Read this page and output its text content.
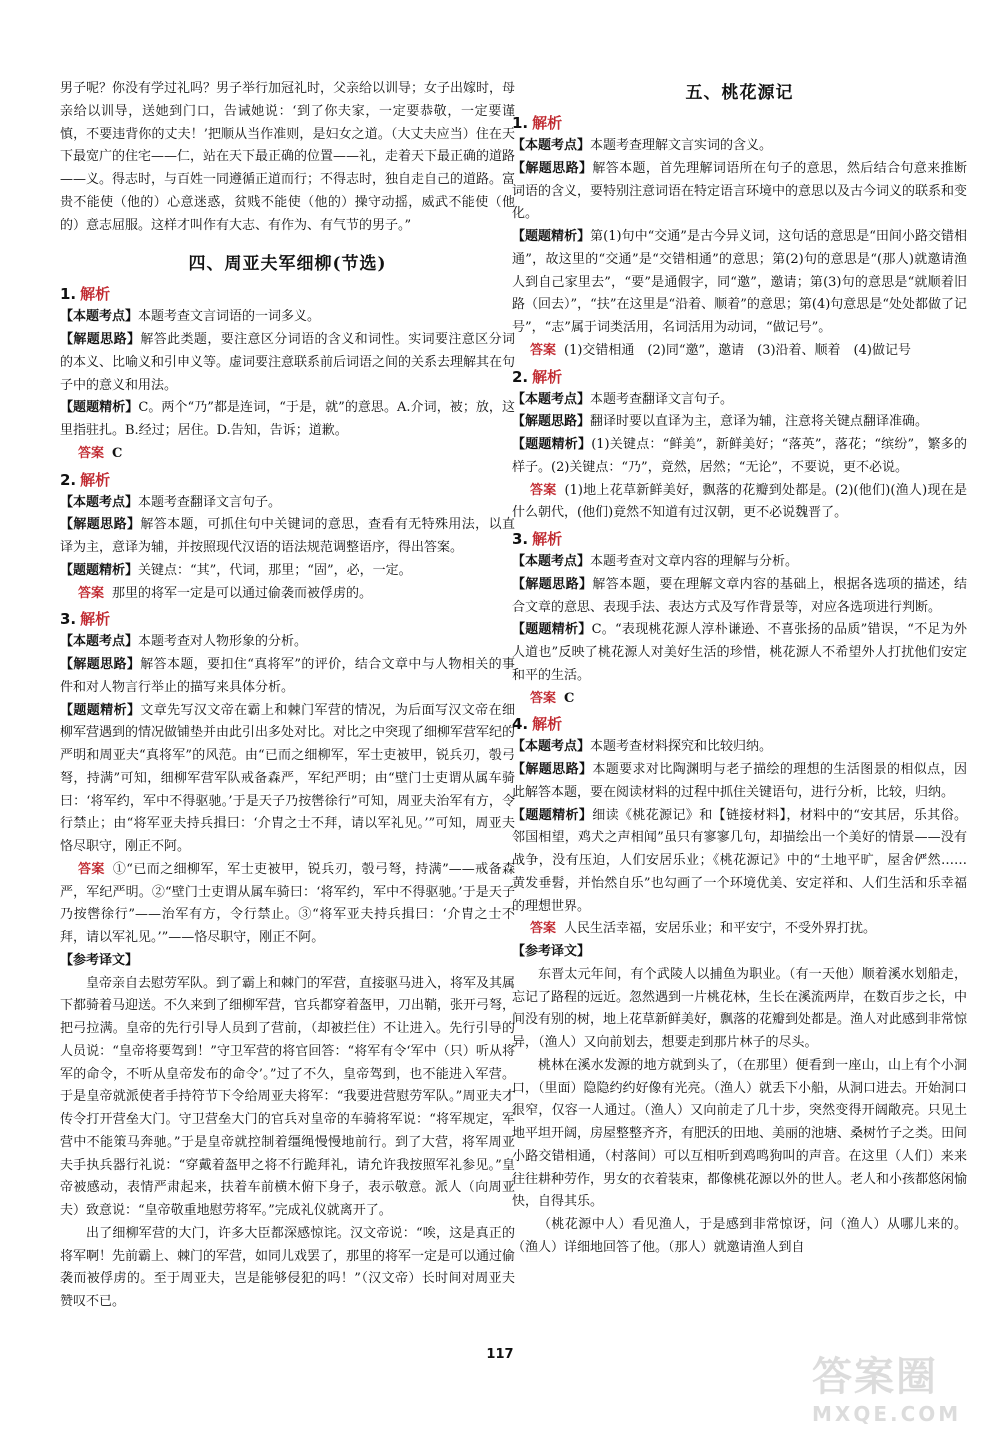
男子呢？你没有学过礼吗？男子举行加冠礼时，父亲给以训导；女子出嫁时，母亲给以训导，送她到门口，告诫她说：‘到了你夫家，一定要恭敬，一定要谨慎，不要违背你的丈夫！’把顺从当作准则，是妇女之道。（大丈夫应当）住在天下最宽广的住宅——仁，站在天下最正确的位置——礼，走着天下最正确的道路——义。得志时，与百姓一同遵循正道而行；不得志时，独自走自己的道路。富贵不能使（他的）心意迷惑，贫贱不能使（他的）操守动摇，威武不能使（他的）意志屈服。这样才叫作有大志、有作为、有气节的男子。”

四、周亚夫军细柳(节选)
1. 解析

【本题考点】本题考查文言词语的一词多义。

【解题思路】解答此类题，要注意区分词语的含义和词性。实词要注意区分词的本义、比喻义和引申义等。虚词要注意联系前后词语之间的关系去理解其在句子中的意义和用法。

【题题精析】C。两个“乃”都是连词，“于是，就”的意思。A.介词，被；放，这里指驻扎。B.经过；居住。D.告知，告诉；道歉。

答案 C

2. 解析

【本题考点】本题考查翻译文言句子。

【解题思路】解答本题，可抓住句中关键词的意思，查看有无特殊用法，以直译为主，意译为辅，并按照现代汉语的语法规范调整语序，得出答案。

【题题精析】关键点：“其”，代词，那里；“固”，必，一定。

答案 那里的将军一定是可以通过偷袭而被俘虏的。

3. 解析

【本题考点】本题考查对人物形象的分析。

【解题思路】解答本题，要扣住“真将军”的评价，结合文章中与人物相关的事件和对人物言行举止的描写来具体分析。

【题题精析】文章先写汉文帝在霸上和棘门军营的情况，为后面写汉文帝在细柳军营遇到的情况做铺垫并由此引出多处对比。对比之中突现了细柳军营军纪的严明和周亚夫“真将军”的风范。由“已而之细柳军，军士吏被甲，锐兵刃，彀弓弩，持满”可知，细柳军营军队戒备森严，军纪严明；由“壁门士吏谓从属车骑曰：‘将军约，军中不得驱驰。’于是天子乃按辔徐行”可知，周亚夫治军有方，令行禁止；由“将军亚夫持兵揖曰：‘介胄之士不拜，请以军礼见。’”可知，周亚夫恪尽职守，刚正不阿。

答案 ①“已而之细柳军，军士吏被甲，锐兵刃，彀弓弩，持满”——戒备森严，军纪严明。②“壁门士吏谓从属车骑曰：‘将军约，军中不得驱驰。’于是天子乃按辔徐行”——治军有方，令行禁止。③“将军亚夫持兵揖曰：‘介胄之士不拜，请以军礼见。’”——恪尽职守，刚正不阿。

【参考译文】

皇帝亲自去慰劳军队。到了霸上和棘门的军营，直接驱马进入，将军及其属下都骑着马迎送。不久来到了细柳军营，官兵都穿着盔甲，刀出鞘，张开弓弩，把弓拉满。皇帝的先行引导人员到了营前，（却被拦住）不让进入。先行引导的人员说：“皇帝将要驾到！”守卫军营的将官回答：“将军有令‘军中（只）听从将军的命令，不听从皇帝发布的命令’。”过了不久，皇帝驾到，也不能进入军营。于是皇帝就派使者手持符节下令给周亚夫将军：“我要进营慰劳军队。”周亚夫才传令打开营垒大门。守卫营垒大门的官兵对皇帝的车骑将军说：“将军规定，军营中不能策马奔驰。”于是皇帝就控制着缰绳慢慢地前行。到了大营，将军周亚夫手执兵器行礼说：“穿戴着盔甲之将不行跪拜礼，请允许我按照军礼参见。”皇帝被感动，表情严肃起来，扶着车前横木俯下身子，表示敬意。派人（向周亚夫）致意说：“皇帝敬重地慰劳将军。”完成礼仪就离开了。

出了细柳军营的大门，许多大臣都深感惊诧。汉文帝说：“唉，这是真正的将军啊！先前霸上、棘门的军营，如同儿戏罢了，那里的将军一定是可以通过偷袭而被俘虏的。至于周亚夫，岂是能够侵犯的吗！”（汉文帝）长时间对周亚夫赞叹不已。

五、桃花源记
1. 解析

【本题考点】本题考查理解文言实词的含义。

【解题思路】解答本题，首先理解词语所在句子的意思，然后结合句意来推断词语的含义，要特别注意词语在特定语言环境中的意思以及古今词义的联系和变化。

【题题精析】第(1)句中“交通”是古今异义词，这句话的意思是“田间小路交错相通”，故这里的“交通”是“交错相通”的意思；第(2)句的意思是“(那人)就邀请渔人到自己家里去”，“要”是通假字，同“邀”，邀请；第(3)句的意思是“就顺着旧路（回去）”，“扶”在这里是“沿着、顺着”的意思；第(4)句意思是“处处都做了记号”，“志”属于词类活用，名词活用为动词，“做记号”。

答案 (1)交错相通　(2)同“邀”，邀请　(3)沿着、顺着　(4)做记号

2. 解析

【本题考点】本题考查翻译文言句子。

【解题思路】翻译时要以直译为主，意译为辅，注意将关键点翻译准确。

【题题精析】(1)关键点：“鲜美”，新鲜美好；“落英”，落花；“缤纷”，繁多的样子。(2)关键点：“乃”，竟然，居然；“无论”，不要说，更不必说。

答案 (1)地上花草新鲜美好，飘落的花瓣到处都是。(2)(他们)(渔人)现在是什么朝代，(他们)竟然不知道有过汉朝，更不必说魏晋了。

3. 解析

【本题考点】本题考查对文章内容的理解与分析。

【解题思路】解答本题，要在理解文章内容的基础上，根据各选项的描述，结合文章的意思、表现手法、表达方式及写作背景等，对应各选项进行判断。

【题题精析】C。“表现桃花源人淳朴谦逊、不喜张扬的品质”错误，“不足为外人道也”反映了桃花源人对美好生活的珍惜，桃花源人不希望外人打扰他们安定和平的生活。

答案 C

4. 解析

【本题考点】本题考查材料探究和比较归纳。

【解题思路】本题要求对比陶渊明与老子描绘的理想的生活图景的相似点，因此解答本题，要在阅读材料的过程中抓住关键语句，进行分析，比较，归纳。

【题题精析】细读《桃花源记》和【链接材料】，材料中的“安其居，乐其俗。邻国相望，鸡犬之声相闻”虽只有寥寥几句，却描绘出一个美好的情景——没有战争，没有压迫，人们安居乐业；《桃花源记》中的“土地平旷，屋舍俨然……黄发垂髫，并怡然自乐”也勾画了一个环境优美、安定祥和、人们生活和乐幸福的理想世界。

答案 人民生活幸福，安居乐业；和平安宁，不受外界打扰。

【参考译文】

东晋太元年间，有个武陵人以捕鱼为职业。（有一天他）顺着溪水划船走，忘记了路程的远近。忽然遇到一片桃花林，生长在溪流两岸，在数百步之长，中间没有别的树，地上花草新鲜美好，飘落的花瓣到处都是。渔人对此感到非常惊异，（渔人）又向前划去，想要走到那片林子的尽头。

桃林在溪水发源的地方就到头了，（在那里）便看到一座山，山上有个小洞口，（里面）隐隐约约好像有光亮。（渔人）就丢下小船，从洞口进去。开始洞口很窄，仅容一人通过。（渔人）又向前走了几十步，突然变得开阔敞亮。只见土地平坦开阔，房屋整整齐齐，有肥沃的田地、美丽的池塘、桑树竹子之类。田间小路交错相通，（村落间）可以互相听到鸡鸣狗叫的声音。在这里（人们）来来往往耕种劳作，男女的衣着装束，都像桃花源以外的世人。老人和小孩都悠闲愉快，自得其乐。

（桃花源中人）看见渔人，于是感到非常惊讶，问（渔人）从哪儿来的。（渔人）详细地回答了他。（那人）就邀请渔人到自

117	答案圈
MXQE.COM
